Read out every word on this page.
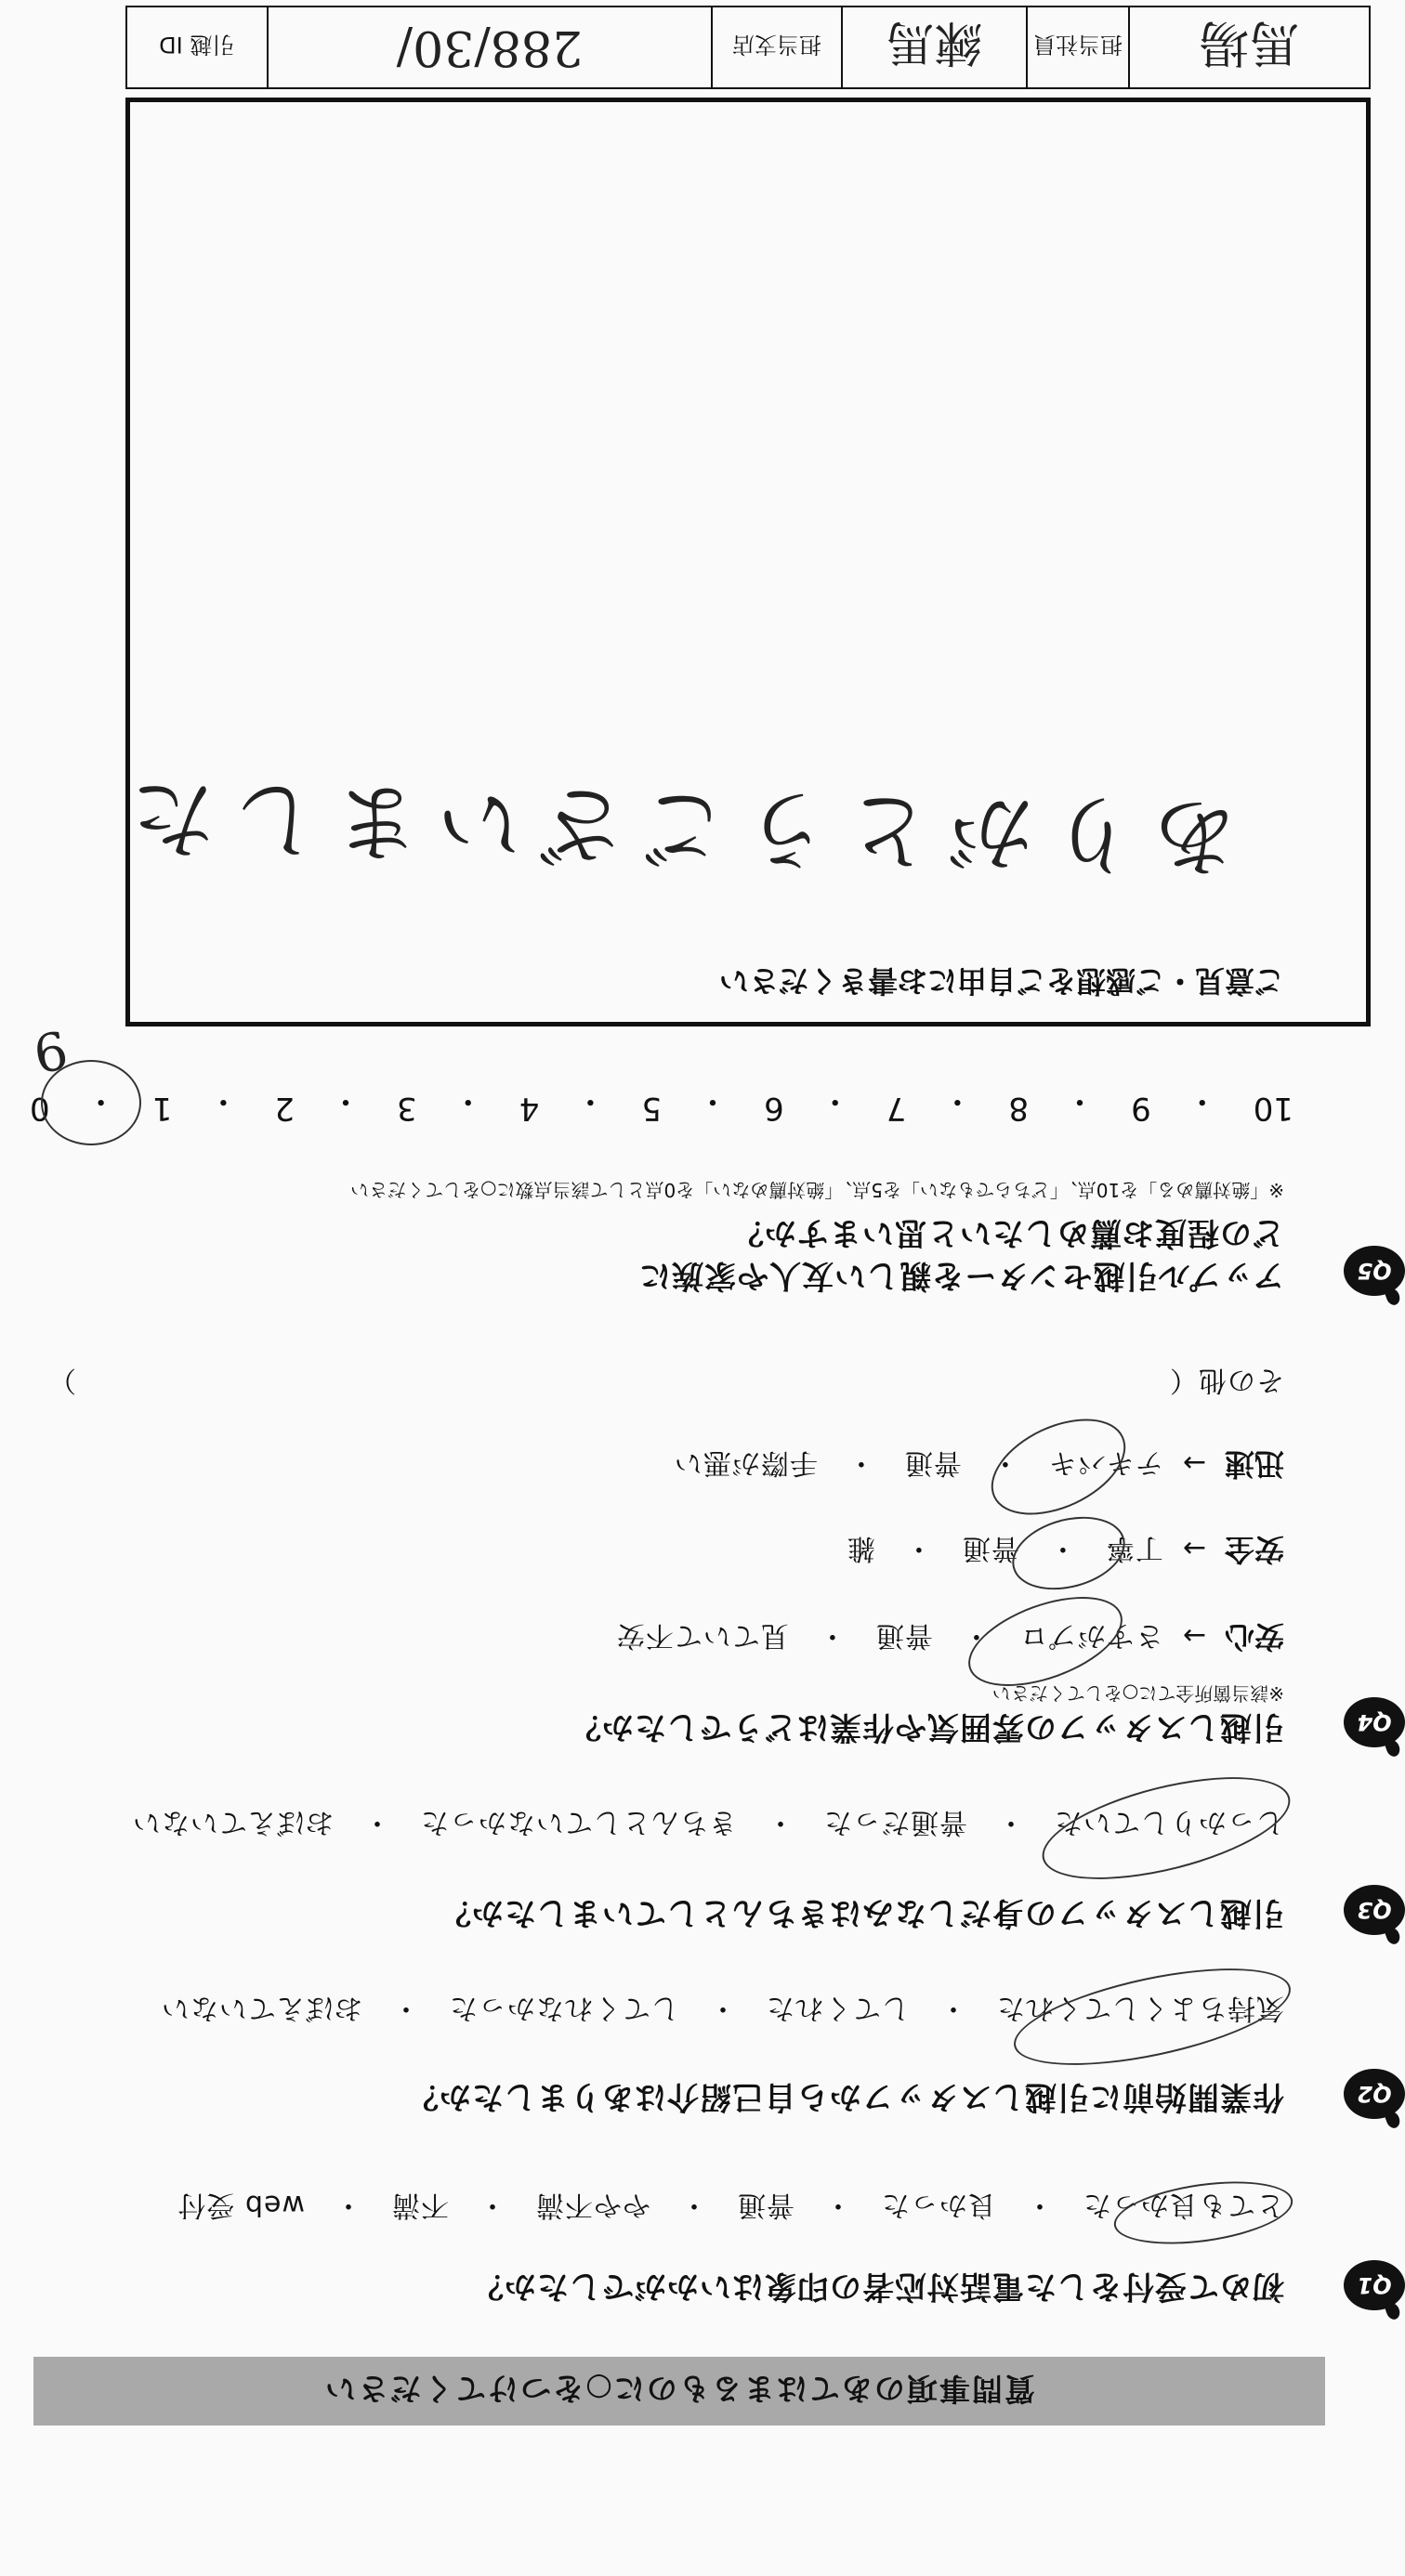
質問事項のあてはまるものに○をつけてください
Q1
初めて受付をした電話対応者の印象はいかがでしたか？
とても良かった　・　良かった　・　普通　・　やや不満　・　不満　・　web 受付
Q2
作業開始前に引越しスタッフから自己紹介はありましたか？
気持ちよくしてくれた　・　してくれた　・　してくれなかった　・　おぼえていない
Q3
引越しスタッフの身だしなみはきちんとしていましたか？
しっかりしていた　・　普通だった　・　きちんとしていなかった　・　おぼえていない
Q4
引越しスタッフの雰囲気や作業はどうでしたか？
※該当箇所全てに○をしてください
安心
→
さすがプロ　・　普通　・　見ていて不安
安全
→
丁寧　・　普通　・　雑
迅速
→
テキパキ　・　普通　・　手際が悪い
その他（
）
Q5
アップル引越センターを親しい友人や家族に
どの程度お薦めしたいと思いますか？
※「絶対薦める」を10点、「どちらでもない」を5点、「絶対薦めない」を0点として該当点数に○をしてください
10
・
9
・
8
・
7
・
6
・
5
・
4
・
3
・
2
・
1
・
0
9
ご意見・ご感想をご自由にお書きください
ありがとうございました
馬場
担当社員
練馬
担当支店
288/30/
引越 ID
